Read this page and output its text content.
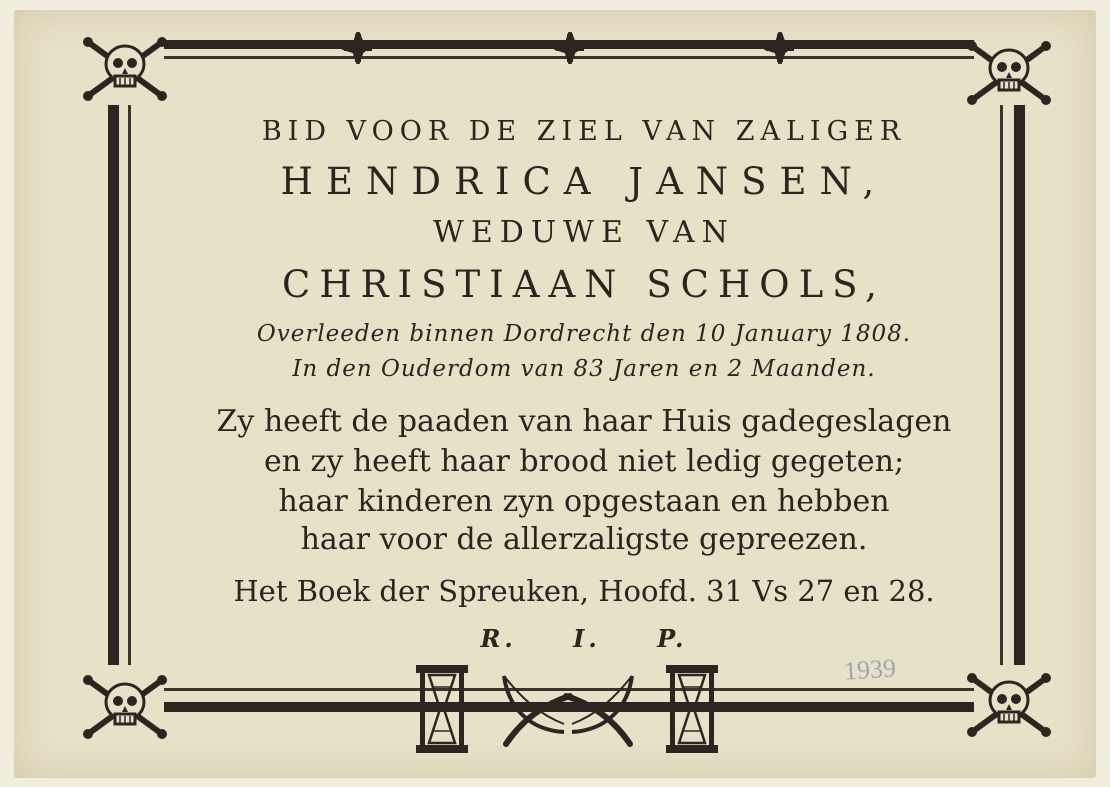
BID VOOR DE ZIEL VAN ZALIGER

HENDRICA JANSEN,

WEDUWE VAN

CHRISTIAAN SCHOLS,

Overleeden binnen Dordrecht den 10 January 1808.

In den Ouderdom van 83 Jaren en 2 Maanden.

Zy heeft de paaden van haar Huis gadegeslagen

en zy heeft haar brood niet ledig gegeten;

haar kinderen zyn opgestaan en hebben

haar voor de allerzaligste gepreezen.

Het Boek der Spreuken, Hoofd. 31 Vs 27 en 28.

R. I. P.

1939
